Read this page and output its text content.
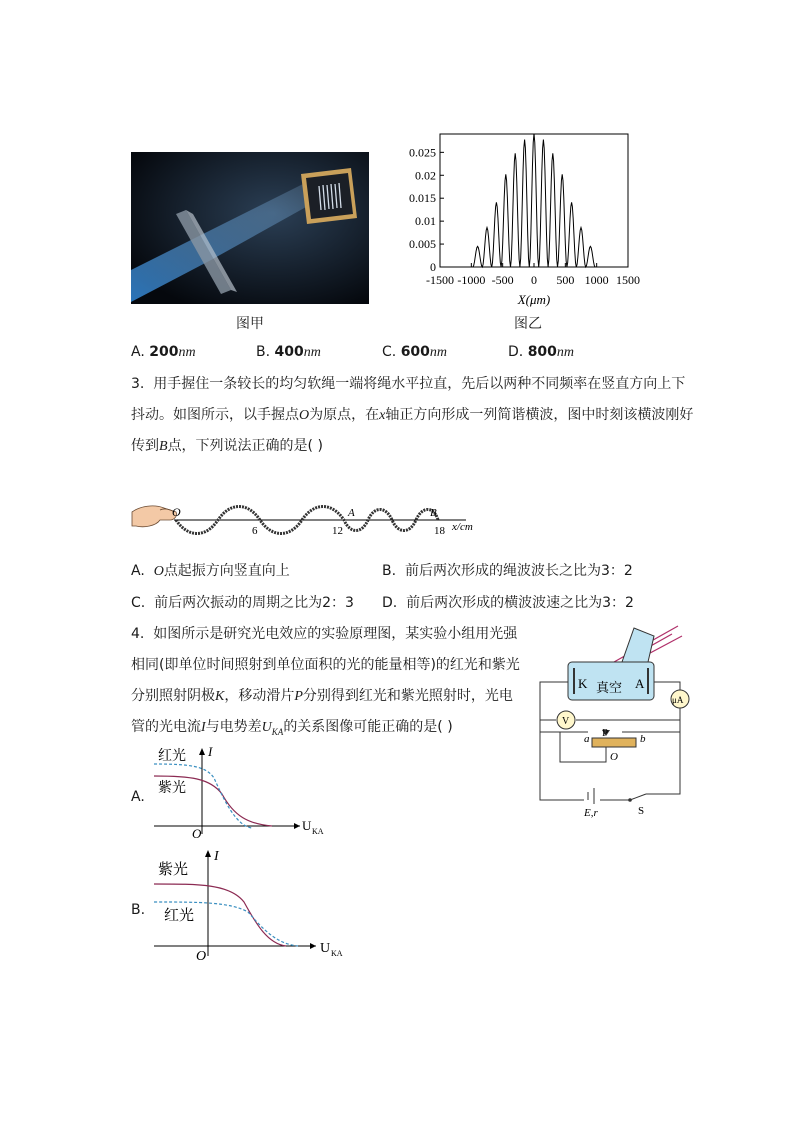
图甲
0
0.005
0.01
0.015
0.02
0.025
-1500 -1000 -500 0 500 1000 1500
X(μm)
图乙
A. 200nm	B. 400nm	C. 600nm	D. 800nm
3. 用手握住一条较长的均匀软绳一端将绳水平拉直，先后以两种不同频率在竖直方向上下
抖动。如图所示，以手握点O为原点，在x轴正方向形成一列简谐横波，图中时刻该横波刚好
传到B点，下列说法正确的是( )
O	A	B
6	12	18 x/cm
A. O点起振方向竖直向上	B. 前后两次形成的绳波波长之比为3：2
C. 前后两次振动的周期之比为2：3 D. 前后两次形成的横波波速之比为3：2
4. 如图所示是研究光电效应的实验原理图，某实验小组用光强
相同(即单位时间照射到单位面积的光的能量相等)的红光和紫光
分别照射阴极K，移动滑片P分别得到红光和紫光照射时，光电
管的光电流I与电势差$U_{KA}$的关系图像可能正确的是( )
K	A
真空
μA
V
a	b
P
O
E,r	S
A.
红光
紫光
I
O
U KA
B.
紫光
红光
I
O
U KA
